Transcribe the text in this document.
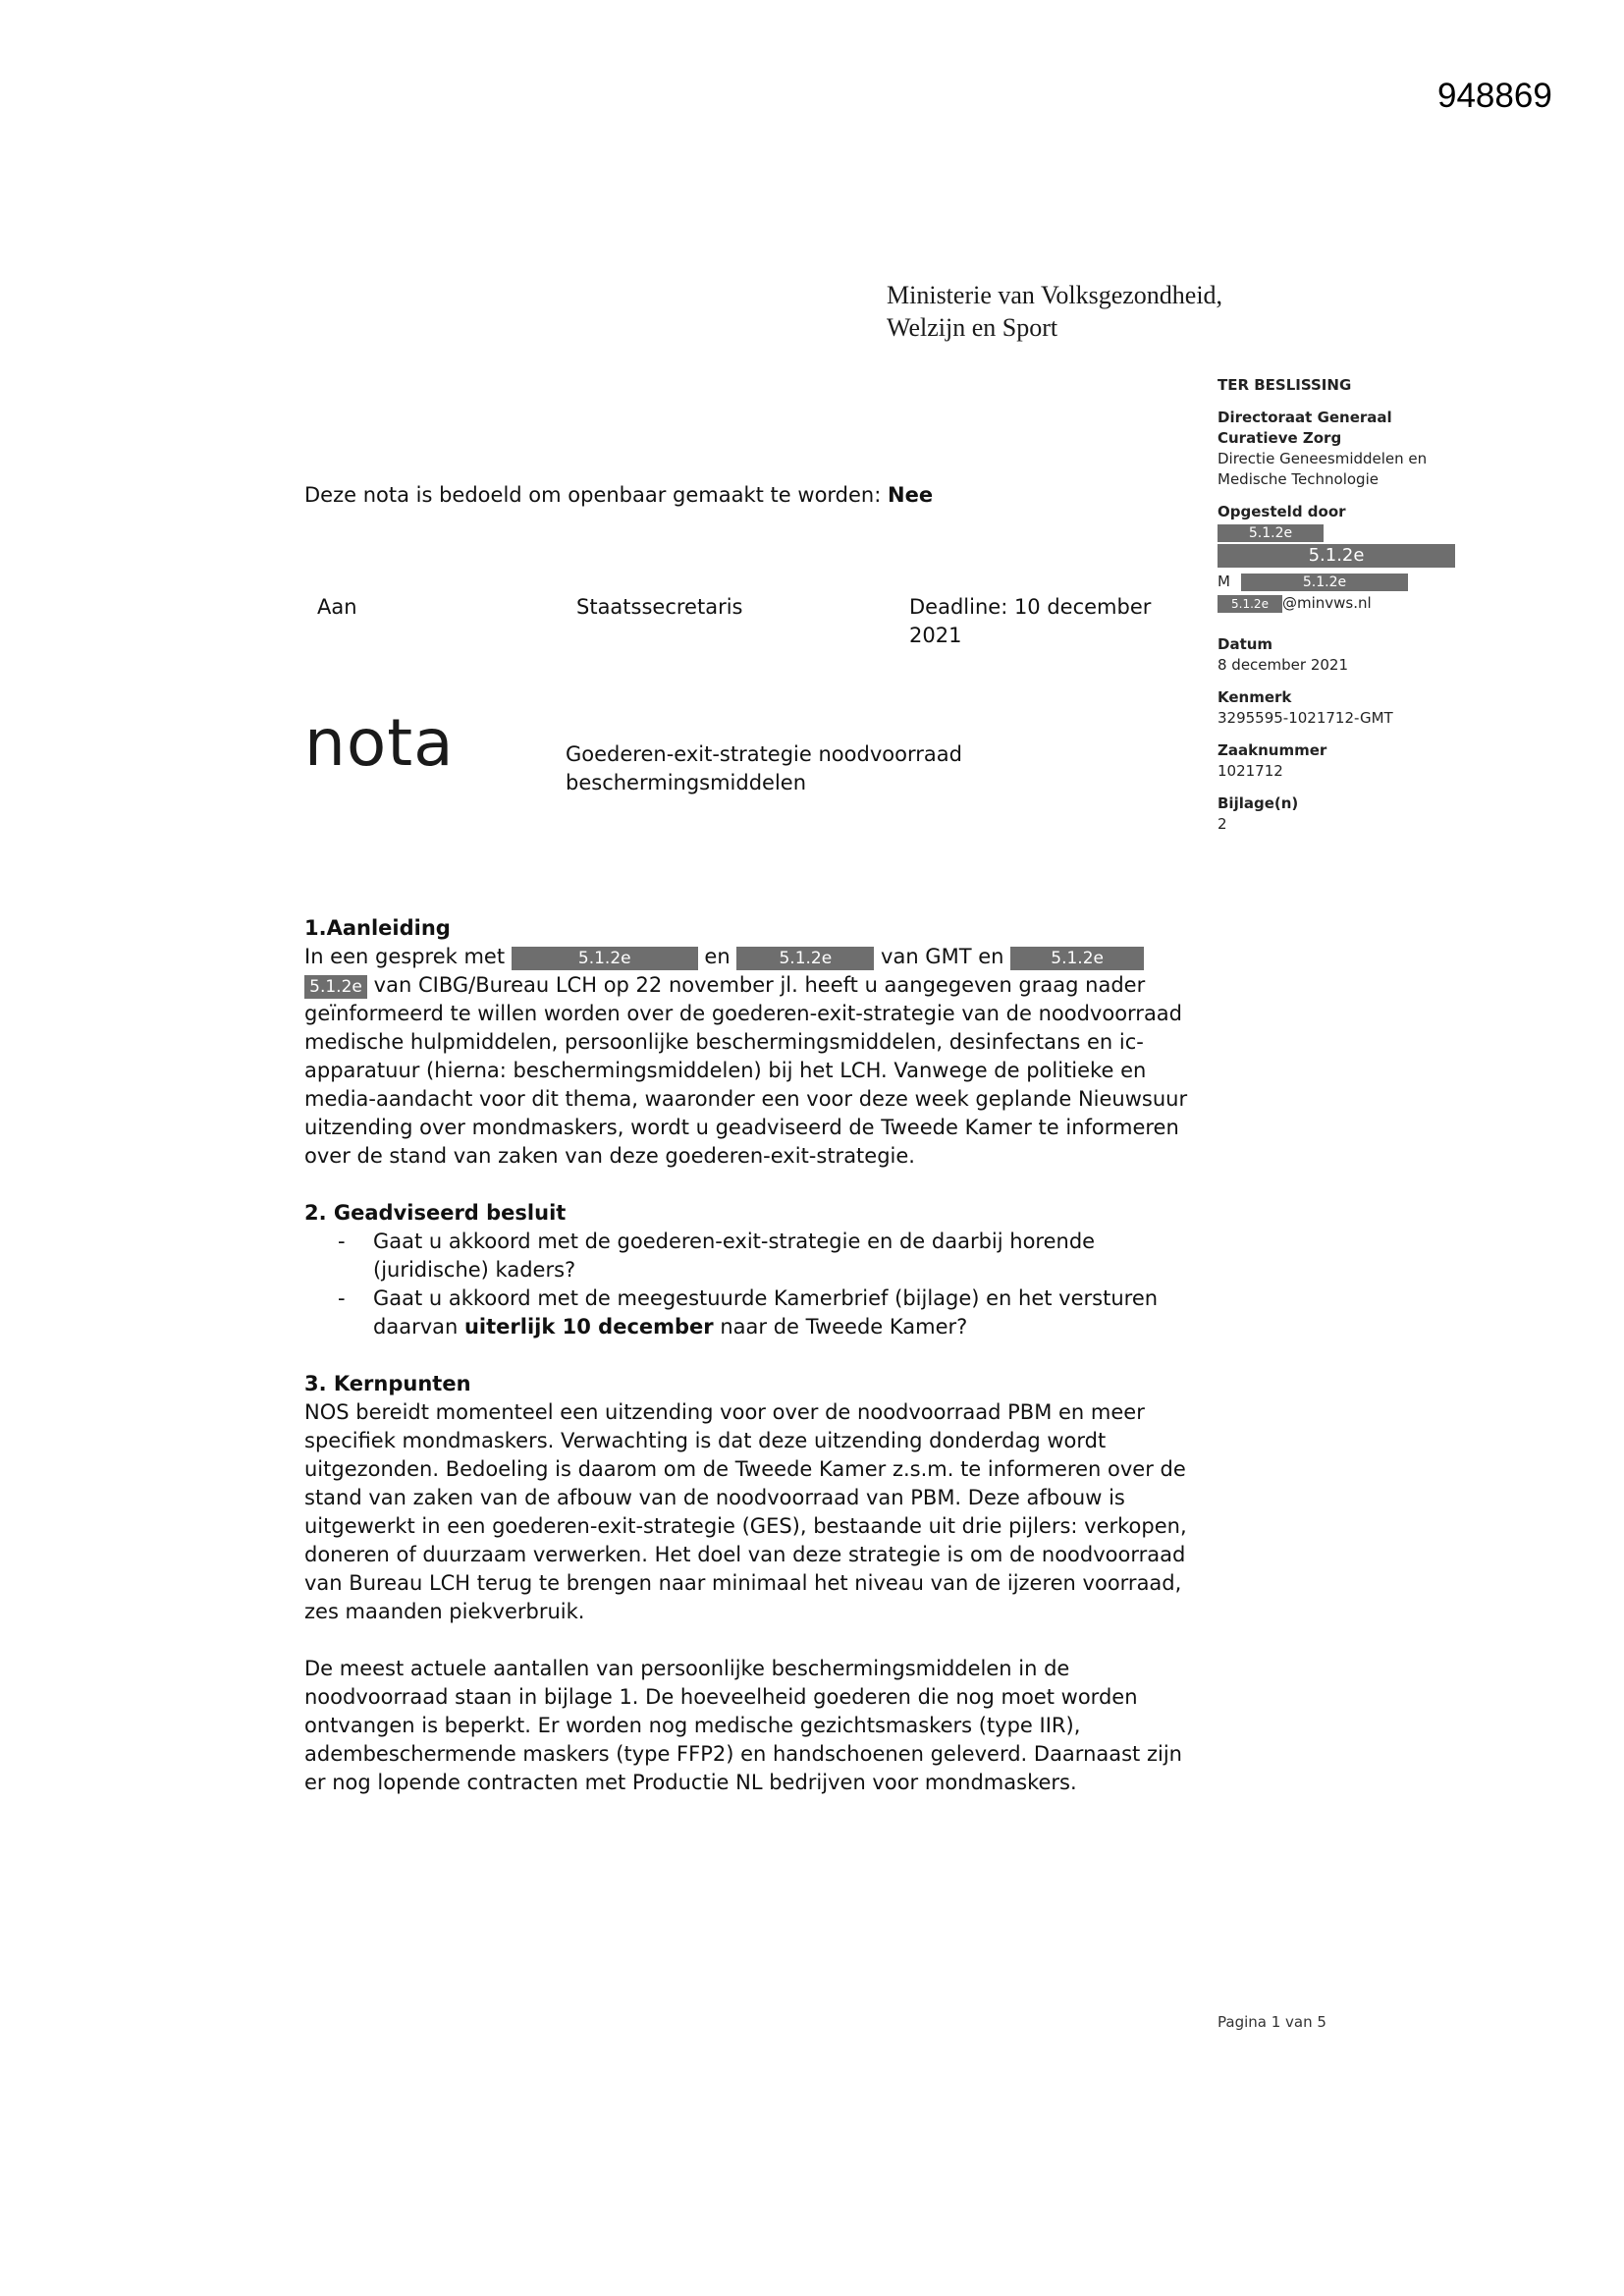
948869
Ministerie van Volksgezondheid,
Welzijn en Sport
TER BESLISSING
Directoraat Generaal
Curatieve Zorg
Directie Geneesmiddelen en
Medische Technologie
Opgesteld door
5.1.2e
5.1.2e
M	5.1.2e
5.1.2e @minvws.nl
Datum
8 december 2021
Kenmerk
3295595-1021712-GMT
Zaaknummer
1021712
Bijlage(n)
2
Deze nota is bedoeld om openbaar gemaakt te worden: Nee
Aan	Staatssecretaris	Deadline: 10 december 2021
nota	Goederen-exit-strategie noodvoorraad beschermingsmiddelen
1.Aanleiding
In een gesprek met	5.1.2e	en	5.1.2e van GMT en 5.1.2e
5.1.2e van CIBG/Bureau LCH op 22 november jl. heeft u aangegeven graag nader geïnformeerd te willen worden over de goederen-exit-strategie van de noodvoorraad medische hulpmiddelen, persoonlijke beschermingsmiddelen, desinfectans en ic-apparatuur (hierna: beschermingsmiddelen) bij het LCH. Vanwege de politieke en media-aandacht voor dit thema, waaronder een voor deze week geplande Nieuwsuur uitzending over mondmaskers, wordt u geadviseerd de Tweede Kamer te informeren over de stand van zaken van deze goederen-exit-strategie.
2. Geadviseerd besluit
- Gaat u akkoord met de goederen-exit-strategie en de daarbij horende (juridische) kaders?
- Gaat u akkoord met de meegestuurde Kamerbrief (bijlage) en het versturen daarvan uiterlijk 10 december naar de Tweede Kamer?
3. Kernpunten
NOS bereidt momenteel een uitzending voor over de noodvoorraad PBM en meer specifiek mondmaskers. Verwachting is dat deze uitzending donderdag wordt uitgezonden. Bedoeling is daarom om de Tweede Kamer z.s.m. te informeren over de stand van zaken van de afbouw van de noodvoorraad van PBM. Deze afbouw is uitgewerkt in een goederen-exit-strategie (GES), bestaande uit drie pijlers: verkopen, doneren of duurzaam verwerken. Het doel van deze strategie is om de noodvoorraad van Bureau LCH terug te brengen naar minimaal het niveau van de ijzeren voorraad, zes maanden piekverbruik.
De meest actuele aantallen van persoonlijke beschermingsmiddelen in de noodvoorraad staan in bijlage 1. De hoeveelheid goederen die nog moet worden ontvangen is beperkt. Er worden nog medische gezichtsmaskers (type IIR), adembeschermende maskers (type FFP2) en handschoenen geleverd. Daarnaast zijn er nog lopende contracten met Productie NL bedrijven voor mondmaskers.
Pagina 1 van 5
